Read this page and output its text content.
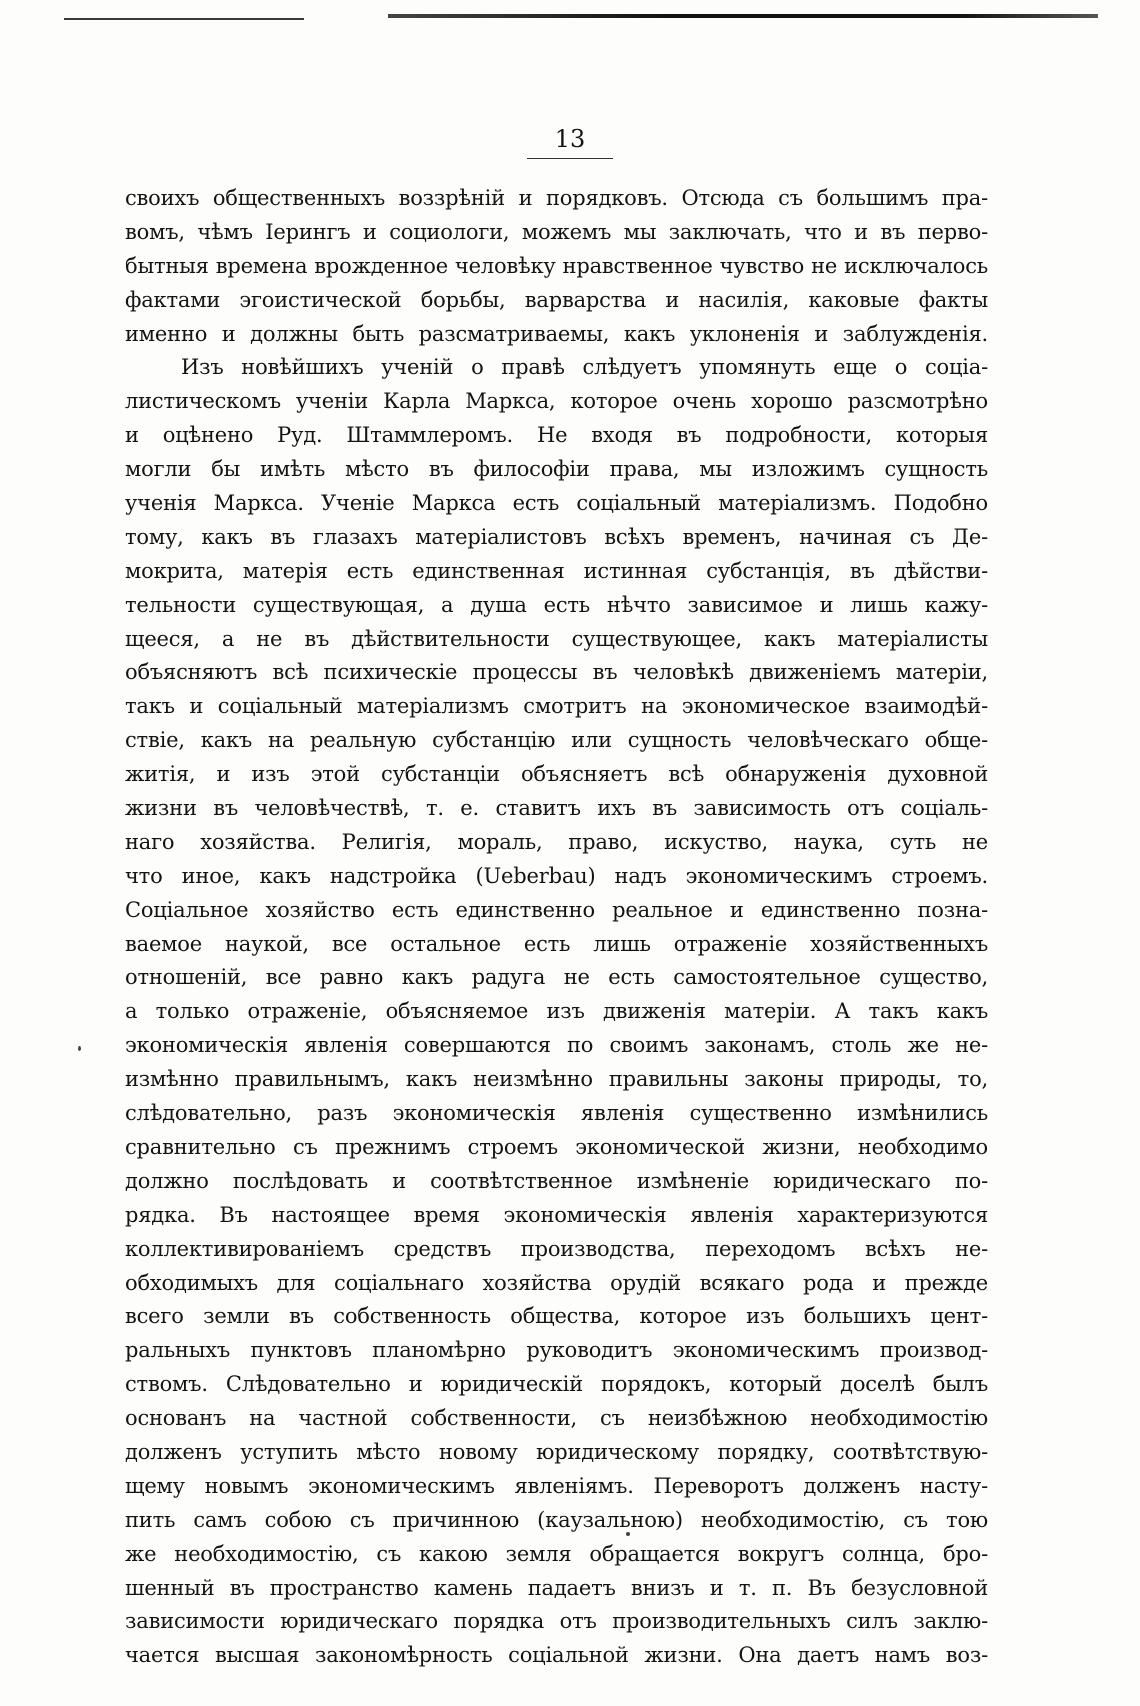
13
своихъ общественныхъ воззрѣній и порядковъ. Отсюда съ большимъ пра-
вомъ, чѣмъ Іерингъ и социологи, можемъ мы заключать, что и въ перво-
бытныя времена врожденное человѣку нравственное чувство не исключалось
фактами эгоистической борьбы, варварства и насилія, каковые факты
именно и должны быть разсматриваемы, какъ уклоненія и заблужденія.
Изъ новѣйшихъ ученій о правѣ слѣдуетъ упомянуть еще о соціа-
листическомъ ученіи Карла Маркса, которое очень хорошо разсмотрѣно
и оцѣнено Руд. Штаммлеромъ. Не входя въ подробности, которыя
могли бы имѣть мѣсто въ философіи права, мы изложимъ сущность
ученія Маркса. Ученіе Маркса есть соціальный матеріализмъ. Подобно
тому, какъ въ глазахъ матеріалистовъ всѣхъ временъ, начиная съ Де-
мокрита, матерія есть единственная истинная субстанція, въ дѣйстви-
тельности существующая, а душа есть нѣчто зависимое и лишь кажу-
щееся, а не въ дѣйствительности существующее, какъ матеріалисты
объясняютъ всѣ психическіе процессы въ человѣкѣ движеніемъ матеріи,
такъ и соціальный матеріализмъ смотритъ на экономическое взаимодѣй-
ствіе, какъ на реальную субстанцію или сущность человѣческаго обще-
житія, и изъ этой субстанціи объясняетъ всѣ обнаруженія духовной
жизни въ человѣчествѣ, т. е. ставитъ ихъ въ зависимость отъ соціаль-
наго хозяйства. Религія, мораль, право, искуство, наука, суть не
что иное, какъ надстройка (Uebеrbau) надъ экономическимъ строемъ.
Соціальное хозяйство есть единственно реальное и единственно позна-
ваемое наукой, все остальное есть лишь отраженіе хозяйственныхъ
отношеній, все равно какъ радуга не есть самостоятельное существо,
а только отраженіе, объясняемое изъ движенія матеріи. А такъ какъ
экономическія явленія совершаются по своимъ законамъ, столь же не-
измѣнно правильнымъ, какъ неизмѣнно правильны законы природы, то,
слѣдовательно, разъ экономическія явленія существенно измѣнились
сравнительно съ прежнимъ строемъ экономической жизни, необходимо
должно послѣдовать и соотвѣтственное измѣненіе юридическаго по-
рядка. Въ настоящее время экономическія явленія характеризуются
коллективированіемъ средствъ производства, переходомъ всѣхъ не-
обходимыхъ для соціальнаго хозяйства орудій всякаго рода и прежде
всего земли въ собственность общества, которое изъ большихъ цент-
ральныхъ пунктовъ планомѣрно руководитъ экономическимъ производ-
ствомъ. Слѣдовательно и юридическій порядокъ, который доселѣ былъ
основанъ на частной собственности, съ неизбѣжною необходимостію
долженъ уступить мѣсто новому юридическому порядку, соотвѣтствую-
щему новымъ экономическимъ явленіямъ. Переворотъ долженъ насту-
пить самъ собою съ причинною (каузальною) необходимостію, съ тою
же необходимостію, съ какою земля обращается вокругъ солнца, бро-
шенный въ пространство камень падаетъ внизъ и т. п. Въ безусловной
зависимости юридическаго порядка отъ производительныхъ силъ заклю-
чается высшая закономѣрность соціальной жизни. Она даетъ намъ воз-
